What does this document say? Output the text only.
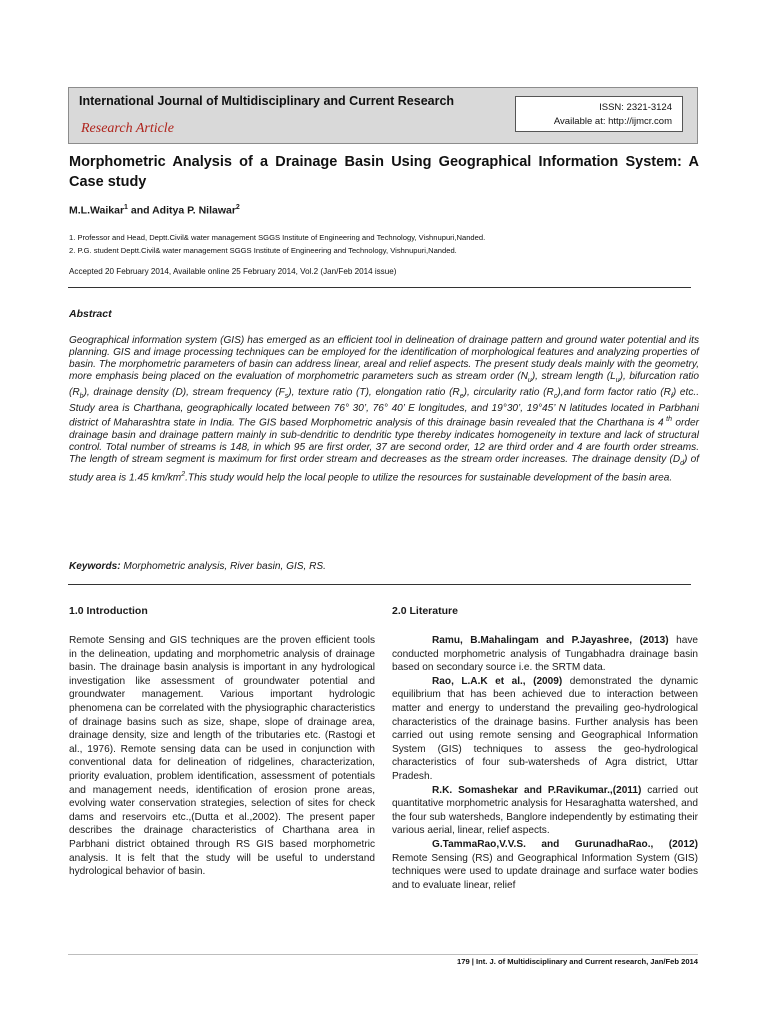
International Journal of Multidisciplinary and Current Research
Research Article
ISSN: 2321-3124
Available at: http://ijmcr.com
Morphometric Analysis of a Drainage Basin Using Geographical Information System: A Case study
M.L.Waikar$^1$ and Aditya P. Nilawar$^2$
1. Professor and Head, Deptt.Civil& water management SGGS Institute of Engineering and Technology, Vishnupuri,Nanded.
2. P.G. student Deptt.Civil& water management SGGS Institute of Engineering and Technology, Vishnupuri,Nanded.
Accepted 20 February 2014, Available online 25 February 2014, Vol.2 (Jan/Feb 2014 issue)
Abstract
Geographical information system (GIS) has emerged as an efficient tool in delineation of drainage pattern and ground water potential and its planning. GIS and image processing techniques can be employed for the identification of morphological features and analyzing properties of basin. The morphometric parameters of basin can address linear, areal and relief aspects. The present study deals mainly with the geometry, more emphasis being placed on the evaluation of morphometric parameters such as stream order $(N_u)$, stream length $(L_u)$, bifurcation ratio $(R_b)$, drainage density (D), stream frequency $(F_s)$, texture ratio (T), elongation ratio $(R_e)$, circularity ratio $(R_c),and$ form factor ratio $(R_f)$ etc.. Study area is Charthana, geographically located between 76° 30’, 76° 40’ E longitudes, and 19°30’, 19°45’ N latitudes located in Parbhani district of Maharashtra state in India. The GIS based Morphometric analysis of this drainage basin revealed that the Charthana is 4 $^{th}$ order drainage basin and drainage pattern mainly in sub-dendritic to dendritic type thereby indicates homogeneity in texture and lack of structural control. Total number of streams is 148, in which 95 are first order, 37 are second order, 12 are third order and 4 are fourth order streams. The length of stream segment is maximum for first order stream and decreases as the stream order increases. The drainage density $(D_d)$ of study area is 1.45 $km/km^2.This$ study would help the local people to utilize the resources for sustainable development of the basin area.
Keywords: Morphometric analysis, River basin, GIS, RS.
1.0 Introduction	2.0 Literature

Remote Sensing and GIS techniques are the proven efficient tools in the delineation, updating and morphometric analysis of drainage basin. The drainage basin analysis is important in any hydrological investigation like assessment of groundwater potential and groundwater management. Various important hydrologic phenomena can be correlated with the physiographic characteristics of drainage basins such as size, shape, slope of drainage area, drainage density, size and length of the tributaries etc. (Rastogi et al., 1976). Remote sensing data can be used in conjunction with conventional data for delineation of ridgelines, characterization, priority evaluation, problem identification, assessment of potentials and management needs, identification of erosion prone areas, evolving water conservation strategies, selection of sites for check dams and reservoirs etc.,(Dutta et al.,2002). The present paper describes the drainage characteristics of Charthana area in Parbhani district obtained through RS GIS based morphometric analysis. It is felt that the study will be useful to understand hydrological behavior of basin.

Ramu, B.Mahalingam and P.Jayashree, (2013) have conducted morphometric analysis of Tungabhadra drainage basin based on secondary source i.e. the SRTM data.

Rao, L.A.K et al., (2009) demonstrated the dynamic equilibrium that has been achieved due to interaction between matter and energy to understand the prevailing geo-hydrological characteristics of the drainage basins. Further analysis has been carried out using remote sensing and Geographical Information System (GIS) techniques to assess the geo-hydrological characteristics of four sub-watersheds of Agra district, Uttar Pradesh.

R.K. Somashekar and P.Ravikumar.,(2011) carried out quantitative morphometric analysis for Hesaraghatta watershed, and the four sub watersheds, Banglore independently by estimating their various aerial, linear, relief aspects.

G.TammaRao,V.V.S. and GurunadhaRao., (2012) Remote Sensing (RS) and Geographical Information System (GIS) techniques were used to update drainage and surface water bodies and to evaluate linear, relief

179 | Int. J. of Multidisciplinary and Current research, Jan/Feb 2014
